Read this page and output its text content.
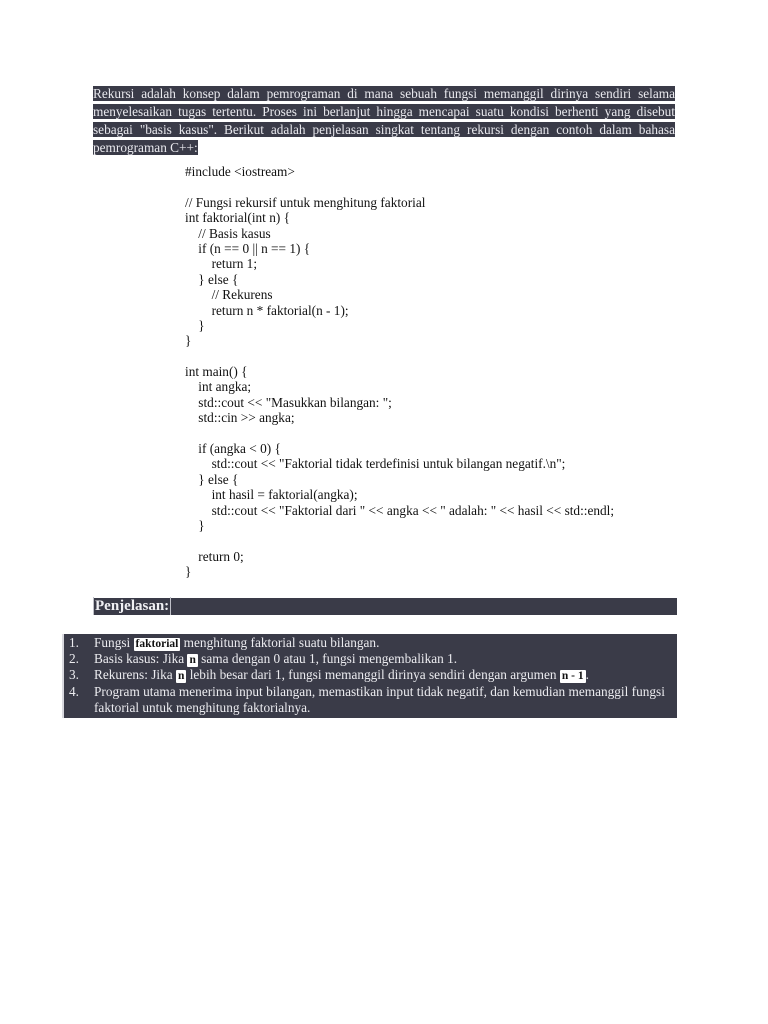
Rekursi adalah konsep dalam pemrograman di mana sebuah fungsi memanggil dirinya sendiri selama
menyelesaikan tugas tertentu. Proses ini berlanjut hingga mencapai suatu kondisi berhenti yang disebut
sebagai "basis kasus". Berikut adalah penjelasan singkat tentang rekursi dengan contoh dalam bahasa
pemrograman C++:
#include <iostream>
// Fungsi rekursif untuk menghitung faktorial
int faktorial(int n) {
// Basis kasus
if (n == 0 || n == 1) {
return 1;
} else {
// Rekurens
return n * faktorial(n - 1);
}
}
int main() {
int angka;
std::cout << "Masukkan bilangan: ";
std::cin >> angka;
if (angka < 0) {
std::cout << "Faktorial tidak terdefinisi untuk bilangan negatif.\n";
} else {
int hasil = faktorial(angka);
std::cout << "Faktorial dari " << angka << " adalah: " << hasil << std::endl;
}
return 0;
}
Penjelasan:
1. Fungsi faktorial menghitung faktorial suatu bilangan.
2. Basis kasus: Jika n sama dengan 0 atau 1, fungsi mengembalikan 1.
3. Rekurens: Jika n lebih besar dari 1, fungsi memanggil dirinya sendiri dengan argumen n - 1 .
4. Program utama menerima input bilangan, memastikan input tidak negatif, dan kemudian memanggil fungsi faktorial untuk menghitung faktorialnya.
